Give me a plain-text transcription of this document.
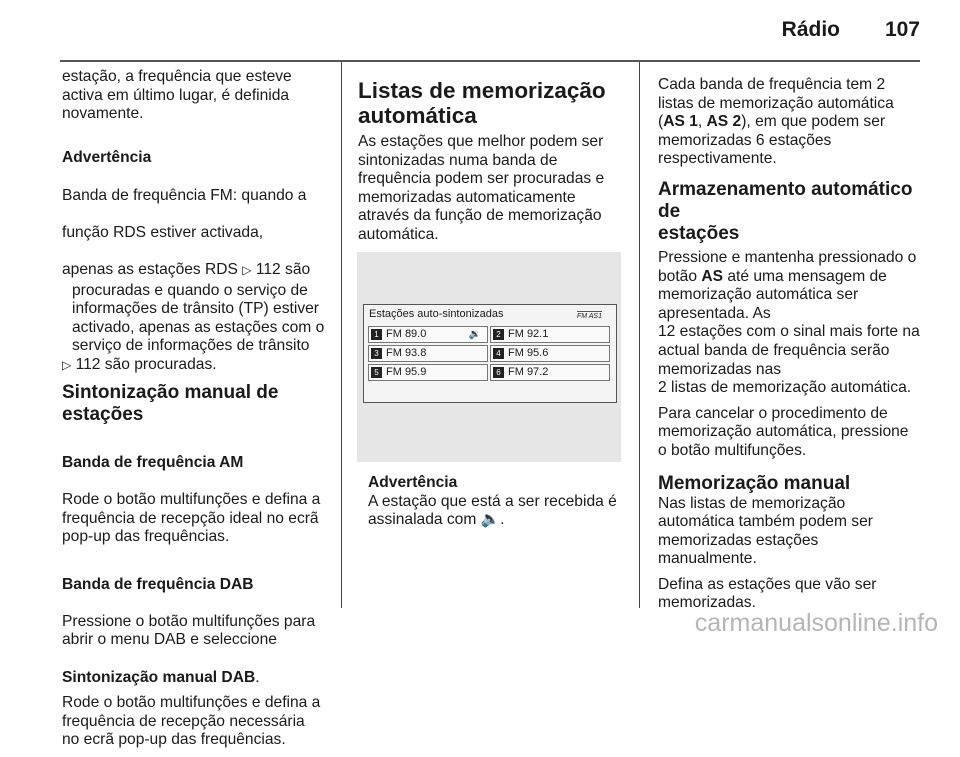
Rádio 107

estação, a frequência que esteve
activa em último lugar, é definida
novamente.

Advertência

Banda de frequência FM: quando a

função RDS estiver activada,

apenas as estações RDS ▷ 112 são

procuradas e quando o serviço de
informações de trânsito (TP) estiver
activado, apenas as estações com o
serviço de informações de trânsito

▷ 112 são procuradas.

Sintonização manual de
estações

Banda de frequência AM

Rode o botão multifunções e defina a
frequência de recepção ideal no ecrã
pop-up das frequências.

Banda de frequência DAB

Pressione o botão multifunções para
abrir o menu DAB e seleccione

Sintonização manual DAB.

Rode o botão multifunções e defina a
frequência de recepção necessária
no ecrã pop-up das frequências.

Listas de memorização
automática

As estações que melhor podem ser
sintonizadas numa banda de
frequência podem ser procuradas e
memorizadas automaticamente
através da função de memorização
automática.

Estações auto-sintonizadas	FM AS1
1 FM 89.0	🔉	2 FM 92.1
3 FM 93.8	4 FM 95.6
5 FM 95.9	6 FM 97.2
Advertência
A estação que está a ser recebida é
assinalada com 🔈.

Cada banda de frequência tem 2
listas de memorização automática
(AS 1, AS 2), em que podem ser
memorizadas 6 estações
respectivamente.

Armazenamento automático de
estações

Pressione e mantenha pressionado o
botão AS até uma mensagem de
memorização automática ser
apresentada. As
12 estações com o sinal mais forte na
actual banda de frequência serão
memorizadas nas
2 listas de memorização automática.

Para cancelar o procedimento de
memorização automática, pressione
o botão multifunções.

Memorização manual

Nas listas de memorização
automática também podem ser
memorizadas estações
manualmente.

Defina as estações que vão ser
memorizadas.

carmanualsonline.info
